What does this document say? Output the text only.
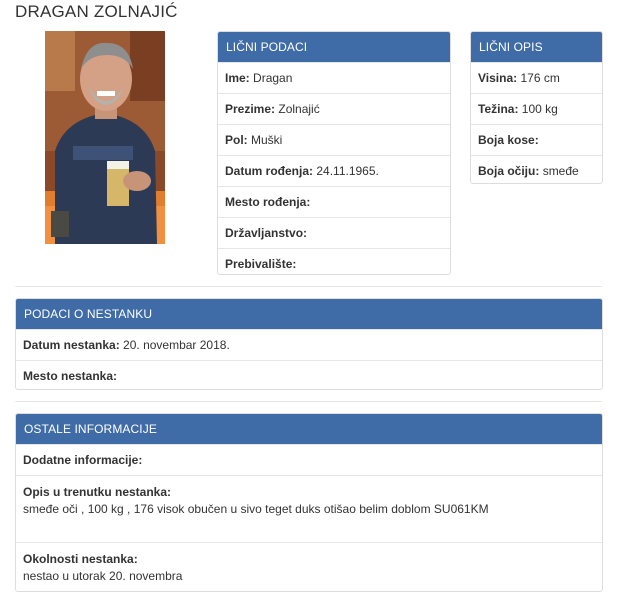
DRAGAN ZOLNAJIĆ
LIČNI PODACI
Ime: Dragan
Prezime: Zolnajić
Pol: Muški
Datum rođenja: 24.11.1965.
Mesto rođenja:
Državljanstvo:
Prebivalište:
LIČNI OPIS
Visina: 176 cm
Težina: 100 kg
Boja kose:
Boja očiju: smeđe
PODACI O NESTANKU
Datum nestanka: 20. novembar 2018.
Mesto nestanka:
OSTALE INFORMACIJE
Dodatne informacije:
Opis u trenutku nestanka:
smeđe oči , 100 kg , 176 visok obučen u sivo teget duks otišao belim doblom SU061KM
Okolnosti nestanka:
nestao u utorak 20. novembra
